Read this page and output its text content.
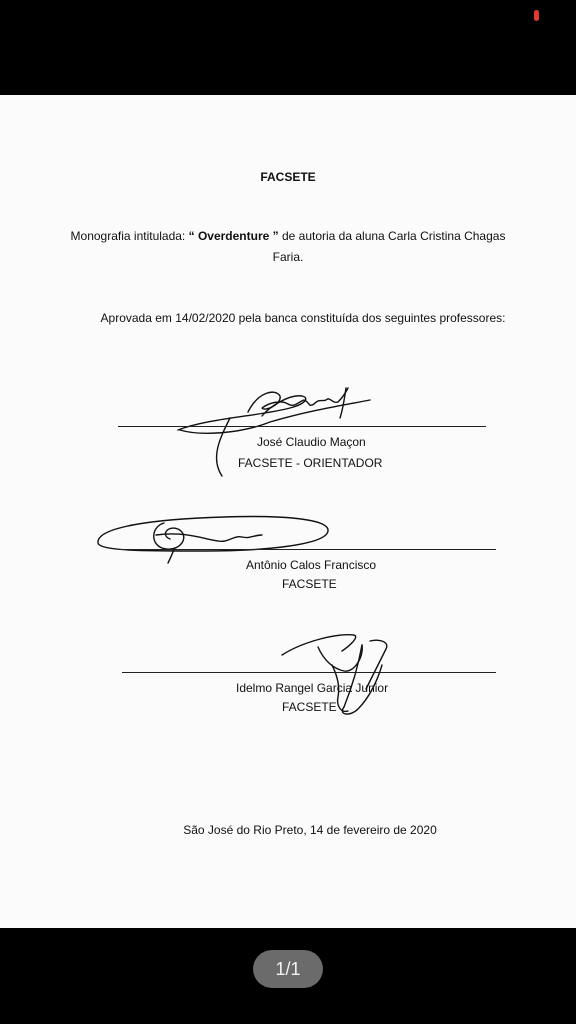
FACSETE
Monografia intitulada: “ Overdenture ” de autoria da aluna Carla Cristina Chagas
Faria.
Aprovada em 14/02/2020 pela banca constituída dos seguintes professores:
José Claudio Maçon
FACSETE - ORIENTADOR
Antônio Calos Francisco
FACSETE
Idelmo Rangel Garcia Junior
FACSETE
São José do Rio Preto, 14 de fevereiro de 2020
1/1
